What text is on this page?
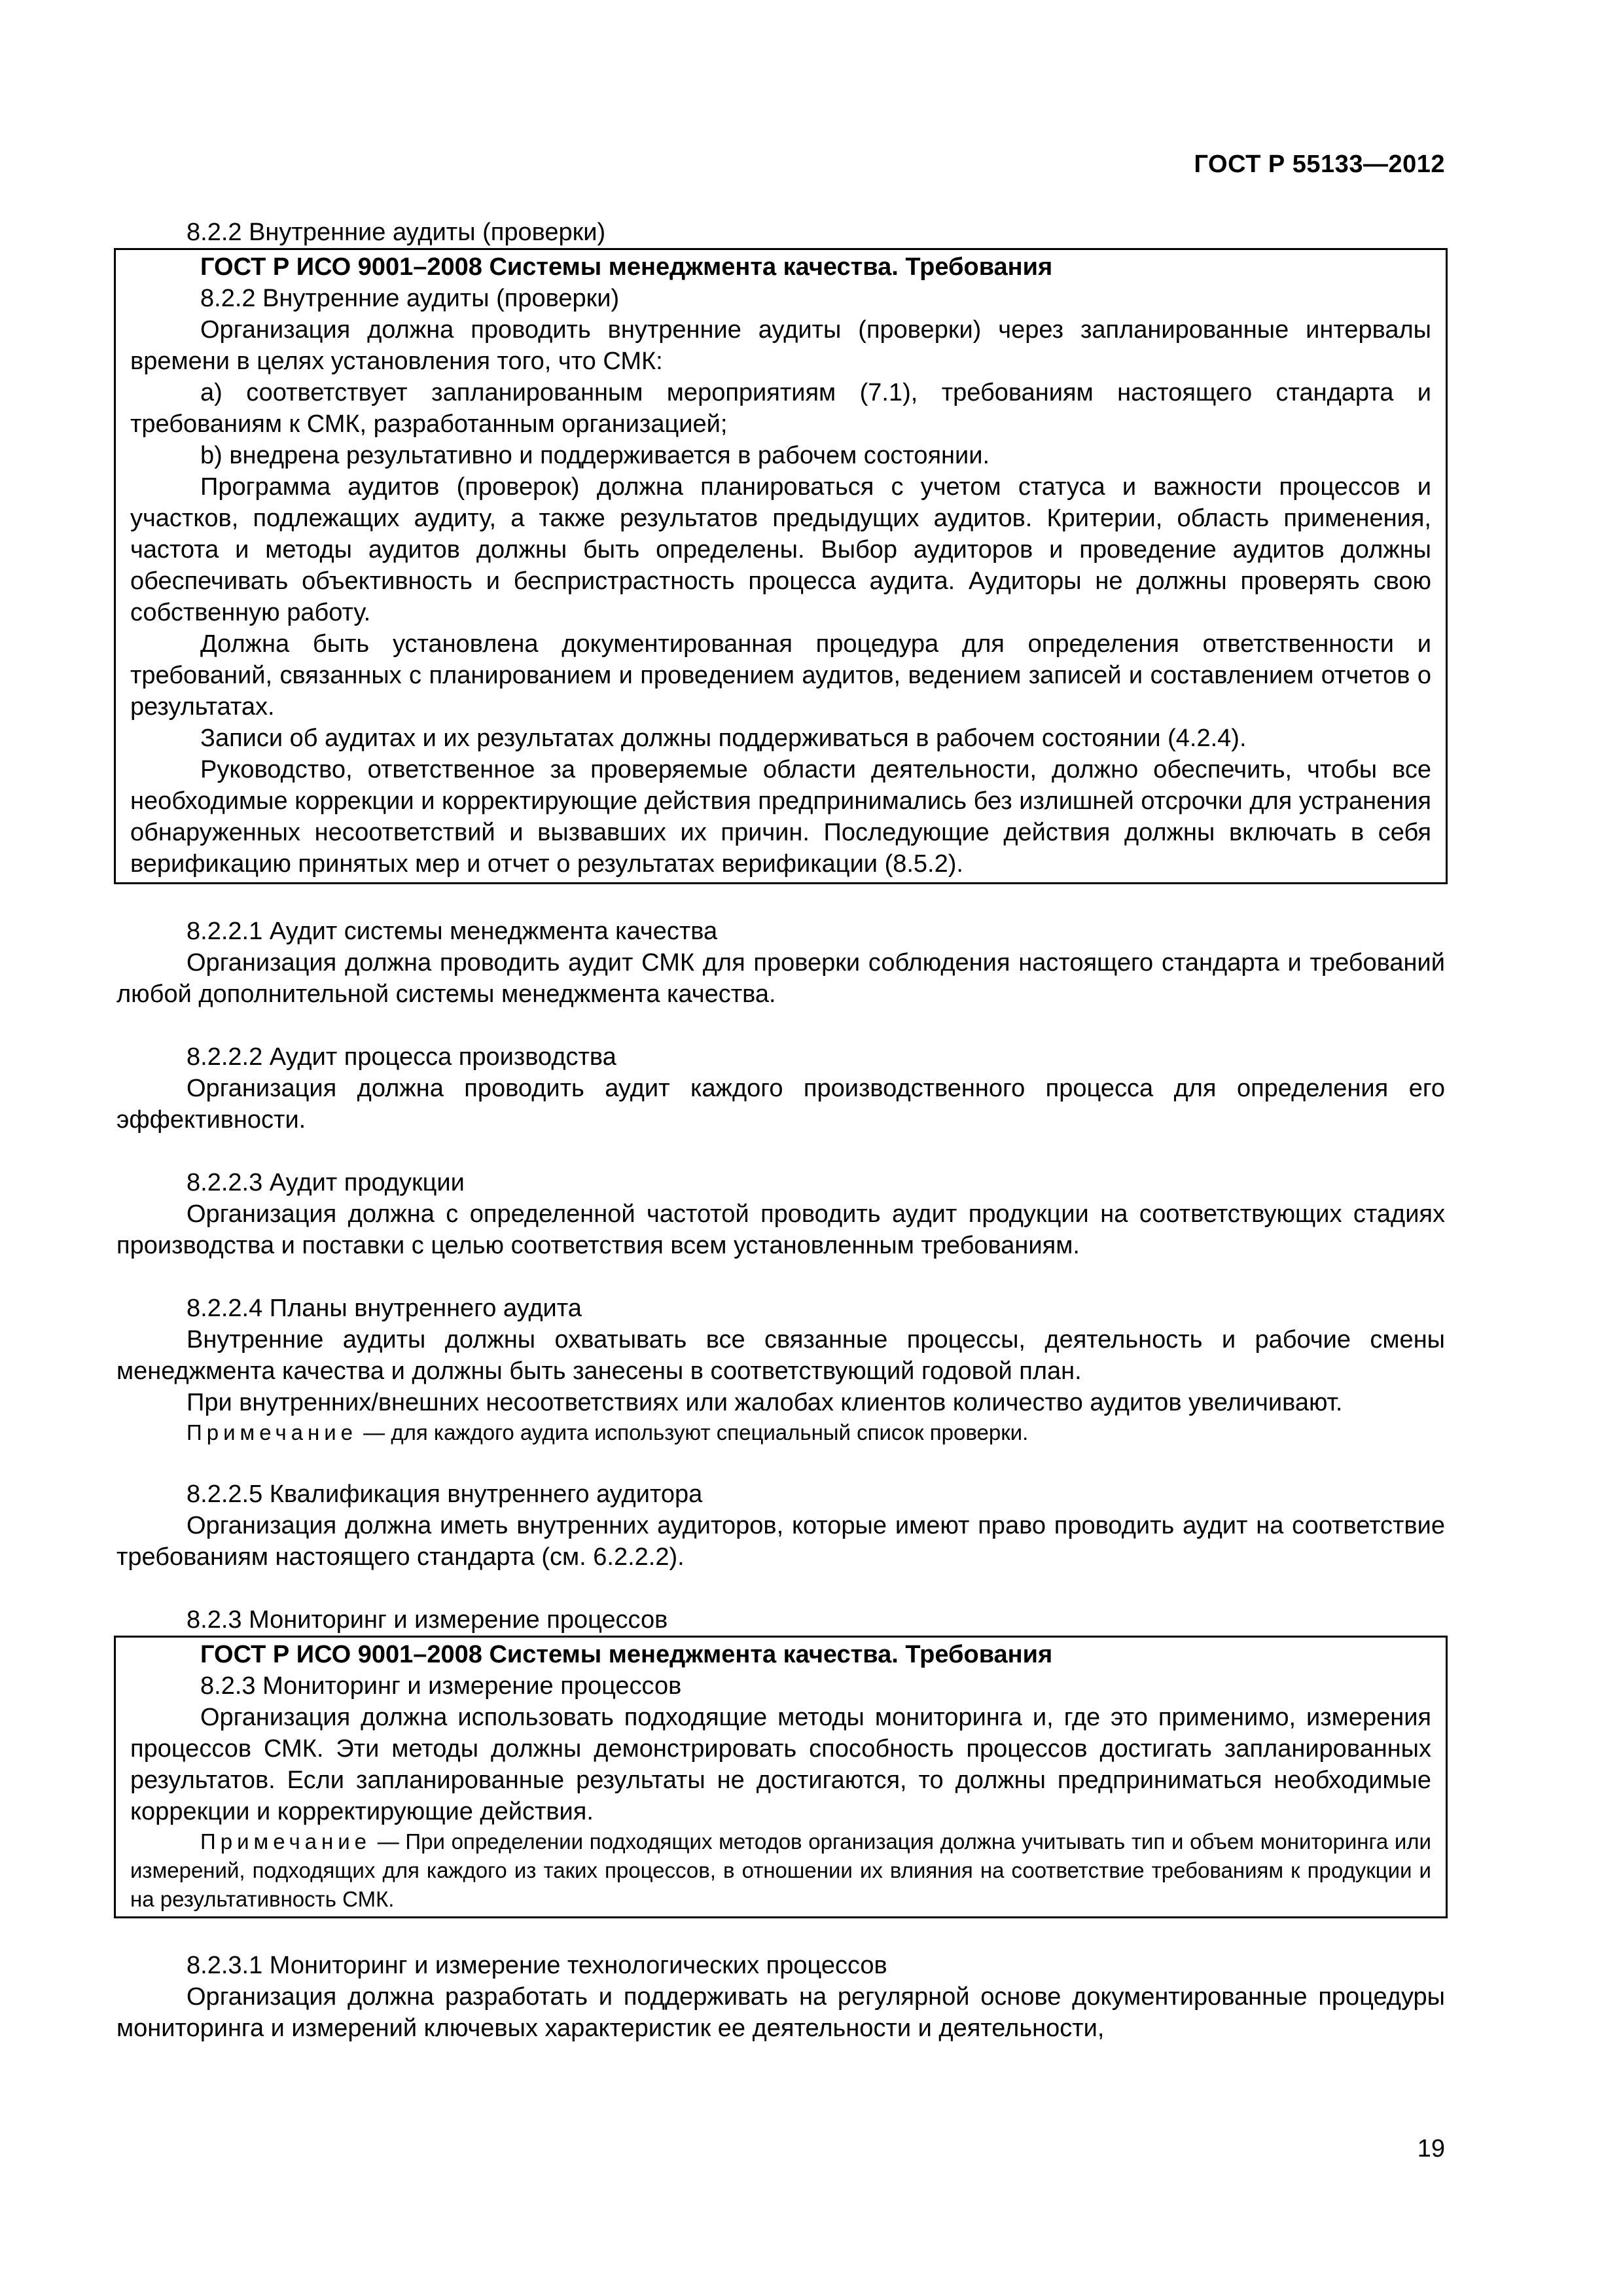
ГОСТ Р 55133—2012

8.2.2 Внутренние аудиты (проверки)

ГОСТ Р ИСО 9001–2008 Системы менеджмента качества. Требования

8.2.2 Внутренние аудиты (проверки)

Организация должна проводить внутренние аудиты (проверки) через запланированные интервалы времени в целях установления того, что СМК:

a) соответствует запланированным мероприятиям (7.1), требованиям настоящего стандарта и требованиям к СМК, разработанным организацией;

b) внедрена результативно и поддерживается в рабочем состоянии.

Программа аудитов (проверок) должна планироваться с учетом статуса и важности процессов и участков, подлежащих аудиту, а также результатов предыдущих аудитов. Критерии, область применения, частота и методы аудитов должны быть определены. Выбор аудиторов и проведение аудитов должны обеспечивать объективность и беспристрастность процесса аудита. Аудиторы не должны проверять свою собственную работу.

Должна быть установлена документированная процедура для определения ответственности и требований, связанных с планированием и проведением аудитов, ведением записей и составлением отчетов о результатах.

Записи об аудитах и их результатах должны поддерживаться в рабочем состоянии (4.2.4).

Руководство, ответственное за проверяемые области деятельности, должно обеспечить, чтобы все необходимые коррекции и корректирующие действия предпринимались без излишней отсрочки для устранения обнаруженных несоответствий и вызвавших их причин. Последующие действия должны включать в себя верификацию принятых мер и отчет о результатах верификации (8.5.2).

8.2.2.1 Аудит системы менеджмента качества

Организация должна проводить аудит СМК для проверки соблюдения настоящего стандарта и требований любой дополнительной системы менеджмента качества.

8.2.2.2 Аудит процесса производства

Организация должна проводить аудит каждого производственного процесса для определения его эффективности.

8.2.2.3 Аудит продукции

Организация должна с определенной частотой проводить аудит продукции на соответствующих стадиях производства и поставки с целью соответствия всем установленным требованиям.

8.2.2.4 Планы внутреннего аудита

Внутренние аудиты должны охватывать все связанные процессы, деятельность и рабочие смены менеджмента качества и должны быть занесены в соответствующий годовой план.

При внутренних/внешних несоответствиях или жалобах клиентов количество аудитов увеличивают.

Примечание — для каждого аудита используют специальный список проверки.

8.2.2.5 Квалификация внутреннего аудитора

Организация должна иметь внутренних аудиторов, которые имеют право проводить аудит на соответствие требованиям настоящего стандарта (см. 6.2.2.2).

8.2.3 Мониторинг и измерение процессов

ГОСТ Р ИСО 9001–2008 Системы менеджмента качества. Требования

8.2.3 Мониторинг и измерение процессов

Организация должна использовать подходящие методы мониторинга и, где это применимо, измерения процессов СМК. Эти методы должны демонстрировать способность процессов достигать запланированных результатов. Если запланированные результаты не достигаются, то должны предприниматься необходимые коррекции и корректирующие действия.

Примечание — При определении подходящих методов организация должна учитывать тип и объем мониторинга или измерений, подходящих для каждого из таких процессов, в отношении их влияния на соответствие требованиям к продукции и на результативность СМК.

8.2.3.1 Мониторинг и измерение технологических процессов

Организация должна разработать и поддерживать на регулярной основе документированные процедуры мониторинга и измерений ключевых характеристик ее деятельности и деятельности,

19
